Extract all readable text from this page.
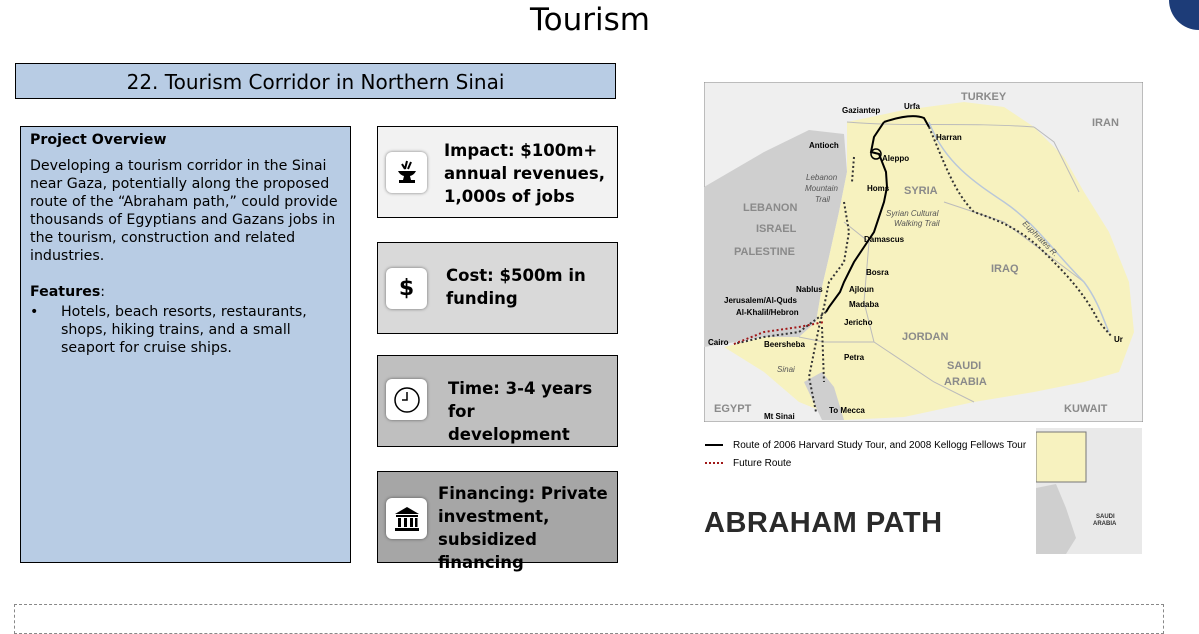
Tourism
22. Tourism Corridor in Northern Sinai
Project Overview
Developing a tourism corridor in the Sinai near Gaza, potentially along the proposed route of the “Abraham path,” could provide thousands of Egyptians and Gazans jobs in the tourism, construction and related industries.
Features:
• Hotels, beach resorts, restaurants, shops, hiking trains, and a small seaport for cruise ships.
Impact: $100m+
annual revenues,
1,000s of jobs
$
Cost: $500m in
funding
Time: 3-4 years for
development
Financing: Private
investment,
subsidized financing
TURKEY
IRAN
SYRIA
LEBANON
ISRAEL
PALESTINE
IRAQ
JORDAN
SAUDI
ARABIA
EGYPT	KUWAIT
Urfa
Gaziantep
Harran
Antioch
Aleppo
Lebanon
Mountain
Trail
Homs
Syrian Cultural
Walking Trail
Damascus	Euphrates R.
Bosra
Nablus	Ajloun
Jerusalem/Al-Quds	Madaba
Al-Khalil/Hebron
Jericho
Cairo	Beersheba
Petra
Sinai
Mt Sinai
To Mecca
Ur
Route of 2006 Harvard Study Tour, and 2008 Kellogg Fellows Tour
Future Route
SAUDI
ARABIA
ABRAHAM PATH
